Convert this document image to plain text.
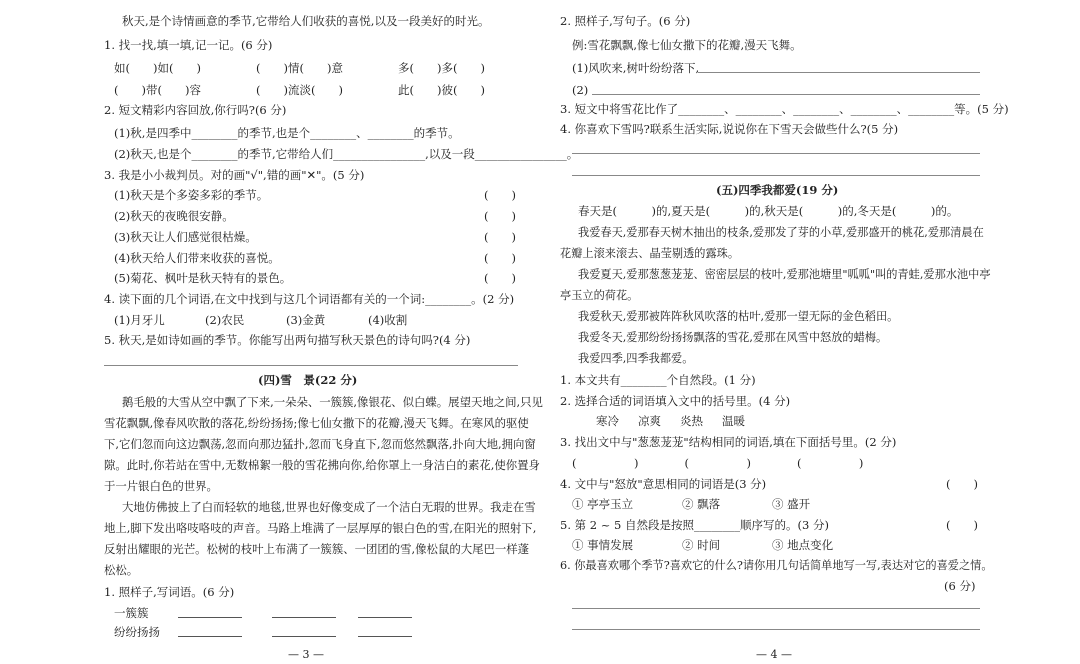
秋天,是个诗情画意的季节,它带给人们收获的喜悦,以及一段美好的时光。
1. 找一找,填一填,记一记。(6 分)
如(　　)如(　　)	(　　)情(　　)意	多(　　)多(　　)
(　　)带(　　)容	(　　)流淡(　　)	此(　　)彼(　　)
2. 短文精彩内容回放,你行吗?(6 分)
(1)秋,是四季中________的季节,也是个________、________的季节。
(2)秋天,也是个________的季节,它带给人们________________,以及一段________________。
3. 我是小小裁判员。对的画"√",错的画"✕"。(5 分)
(1)秋天是个多姿多彩的季节。	(　　)
(2)秋天的夜晚很安静。	(　　)
(3)秋天让人们感觉很枯燥。	(　　)
(4)秋天给人们带来收获的喜悦。	(　　)
(5)菊花、枫叶是秋天特有的景色。	(　　)
4. 读下面的几个词语,在文中找到与这几个词语都有关的一个词:________。(2 分)
(1)月牙儿	(2)农民	(3)金黄	(4)收割
5. 秋天,是如诗如画的季节。你能写出两句描写秋天景色的诗句吗?(4 分)
(四)雪　景(22 分)
鹅毛般的大雪从空中飘了下来,一朵朵、一簇簇,像银花、似白蝶。展望天地之间,只见
雪花飘飘,像春风吹散的落花,纷纷扬扬;像七仙女撒下的花瓣,漫天飞舞。在寒风的驱使
下,它们忽而向这边飘荡,忽而向那边猛扑,忽而飞身直下,忽而悠然飘落,扑向大地,拥向窗
隙。此时,你若站在雪中,无数棉絮一般的雪花拂向你,给你罩上一身洁白的素花,使你置身
于一片银白色的世界。
大地仿佛披上了白而轻软的地毯,世界也好像变成了一个洁白无瑕的世界。我走在雪
地上,脚下发出咯吱咯吱的声音。马路上堆满了一层厚厚的银白色的雪,在阳光的照射下,
反射出耀眼的光芒。松树的枝叶上布满了一簇簇、一团团的雪,像松鼠的大尾巴一样蓬
松松。
1. 照样子,写词语。(6 分)
一簇簇
纷纷扬扬
— 3 —
2. 照样子,写句子。(6 分)
例:雪花飘飘,像七仙女撒下的花瓣,漫天飞舞。
(1)风吹来,树叶纷纷落下,
(2)
3. 短文中将雪花比作了________、________、________、________、________等。(5 分)
4. 你喜欢下雪吗?联系生活实际,说说你在下雪天会做些什么?(5 分)
(五)四季我都爱(19 分)
春天是(　　　)的,夏天是(　　　)的,秋天是(　　　)的,冬天是(　　　)的。
我爱春天,爱那春天树木抽出的枝条,爱那发了芽的小草,爱那盛开的桃花,爱那清晨在
花瓣上滚来滚去、晶莹剔透的露珠。
我爱夏天,爱那葱葱茏茏、密密层层的枝叶,爱那池塘里"呱呱"叫的青蛙,爱那水池中亭
亭玉立的荷花。
我爱秋天,爱那被阵阵秋风吹落的枯叶,爱那一望无际的金色稻田。
我爱冬天,爱那纷纷扬扬飘落的雪花,爱那在风雪中怒放的蜡梅。
我爱四季,四季我都爱。
1. 本文共有________个自然段。(1 分)
2. 选择合适的词语填入文中的括号里。(4 分)
寒冷 凉爽 炎热 温暖
3. 找出文中与"葱葱茏茏"结构相同的词语,填在下面括号里。(2 分)
(　　　　　)　　　　(　　　　　)　　　　(　　　　　)
4. 文中与"怒放"意思相同的词语是(3 分)	(　　)
① 亭亭玉立	② 飘落	③ 盛开
5. 第 2 ~ 5 自然段是按照________顺序写的。(3 分)	(　　)
① 事情发展	② 时间	③ 地点变化
6. 你最喜欢哪个季节?喜欢它的什么?请你用几句话简单地写一写,表达对它的喜爱之情。
(6 分)
— 4 —
